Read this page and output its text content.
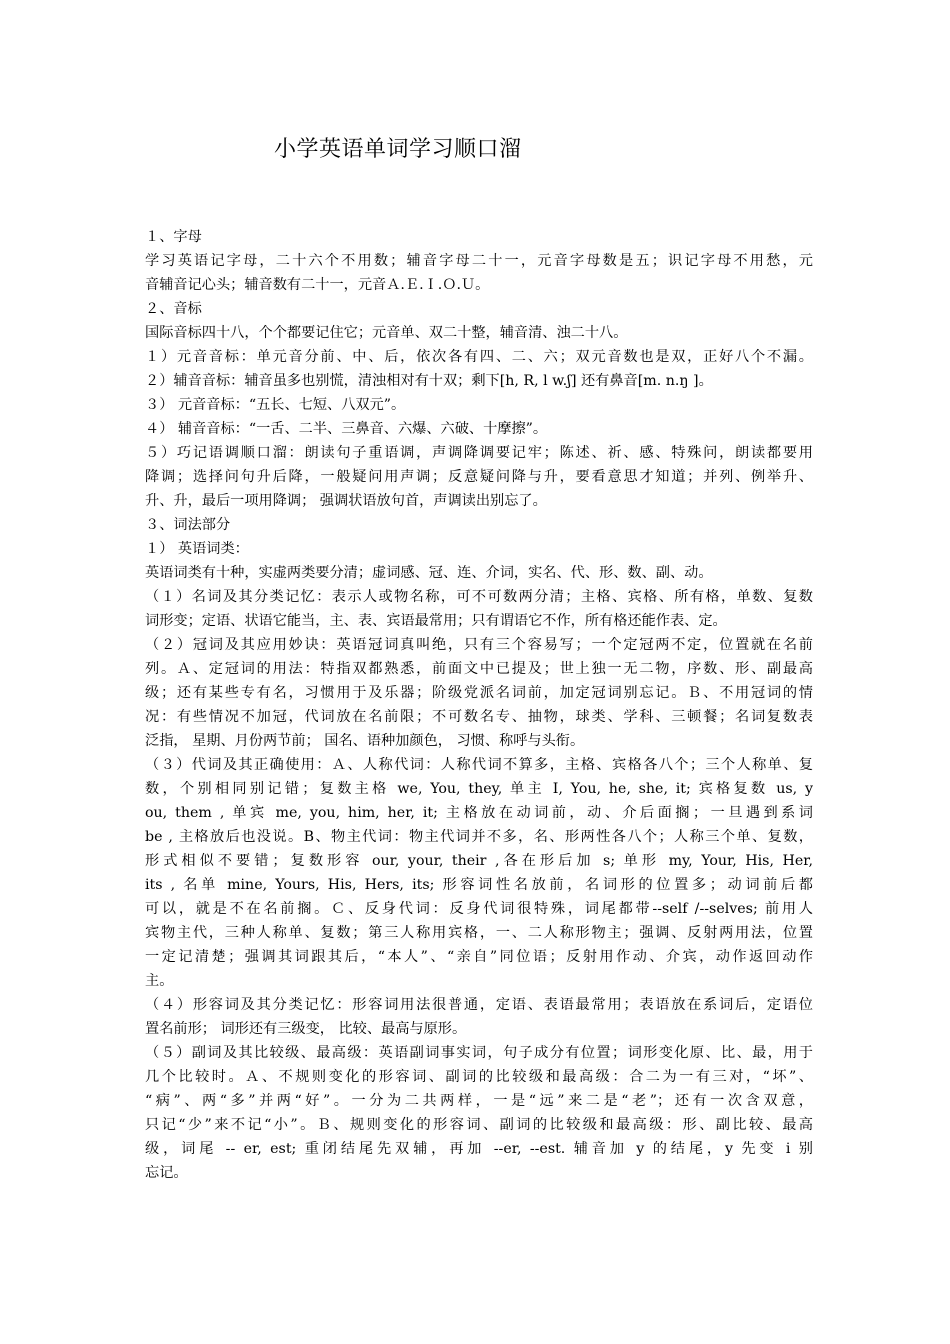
小学英语单词学习顺口溜
１、字母
学习英语记字母，二十六个不用数；辅音字母二十一，元音字母数是五；识记字母不用愁，元
音辅音记心头；辅音数有二十一，元音Ａ.Ｅ.Ｉ.Ｏ.Ｕ。
２、音标
国际音标四十八，个个都要记住它；元音单、双二十整，辅音清、浊二十八。
１）元音音标：单元音分前、中、后，依次各有四、二、六；双元音数也是双，正好八个不漏。
２）辅音音标：辅音虽多也别慌，清浊相对有十双；剩下[h, R, l w.ʃ] 还有鼻音[m. n.ŋ ]。
３） 元音音标：“五长、七短、八双元”。
４） 辅音音标：“一舌、二半、三鼻音、六爆、六破、十摩擦”。
５）巧记语调顺口溜：朗读句子重语调，声调降调要记牢；陈述、祈、感、特殊问，朗读都要用
降调；选择问句升后降，一般疑问用声调；反意疑问降与升，要看意思才知道；并列、例举升、
升、升，最后一项用降调； 强调状语放句首，声调读出别忘了。
３、词法部分
１） 英语词类：
英语词类有十种，实虚两类要分清；虚词感、冠、连、介词，实名、代、形、数、副、动。
（１）名词及其分类记忆：表示人或物名称，可不可数两分清；主格、宾格、所有格，单数、复数
词形变；定语、状语它能当，主、表、宾语最常用；只有谓语它不作，所有格还能作表、定。
（２）冠词及其应用妙诀：英语冠词真叫绝，只有三个容易写；一个定冠两不定，位置就在名前
列。Ａ、定冠词的用法：特指双都熟悉，前面文中已提及；世上独一无二物，序数、形、副最高
级；还有某些专有名，习惯用于及乐器；阶级党派名词前，加定冠词别忘记。Ｂ、不用冠词的情
况：有些情况不加冠，代词放在名前限；不可数名专、抽物，球类、学科、三顿餐；名词复数表
泛指， 星期、月份两节前； 国名、语种加颜色， 习惯、称呼与头衔。
（３）代词及其正确使用：Ａ、人称代词：人称代词不算多，主格、宾格各八个；三个人称单、复
数，个别相同别记错；复数主格 we, You, they, 单主 I, You, he, she, it; 宾格复数 us, y
ou, them , 单宾 me, you, him, her, it; 主格放在动词前，动、介后面搁；一旦遇到系词
be , 主格放后也没说。B、物主代词：物主代词并不多，名、形两性各八个；人称三个单、复数，
形式相似不要错；复数形容 our, your, their ,各在形后加 s; 单形 my, Your, His, Her,
its , 名单 mine, Yours, His, Hers, its; 形容词性名放前，名词形的位置多；动词前后都
可以，就是不在名前搁。Ｃ、反身代词：反身代词很特殊，词尾都带--self /--selves; 前用人
宾物主代，三种人称单、复数；第三人称用宾格，一、二人称形物主；强调、反射两用法，位置
一定记清楚；强调其词跟其后，“本人”、“亲自”同位语；反射用作动、介宾，动作返回动作
主。
（４）形容词及其分类记忆：形容词用法很普通，定语、表语最常用；表语放在系词后，定语位
置名前形； 词形还有三级变， 比较、最高与原形。
（５）副词及其比较级、最高级：英语副词事实词，句子成分有位置；词形变化原、比、最，用于
几个比较时。Ａ、不规则变化的形容词、副词的比较级和最高级：合二为一有三对，“坏”、
“病”、两“多”并两“好”。一分为二共两样，一是“远”来二是“老”；还有一次含双意，
只记“少”来不记“小”。Ｂ、规则变化的形容词、副词的比较级和最高级：形、副比较、最高
级，词尾 -- er, est; 重闭结尾先双辅，再加 --er, --est. 辅音加 y 的结尾，y 先变 i 别
忘记。
